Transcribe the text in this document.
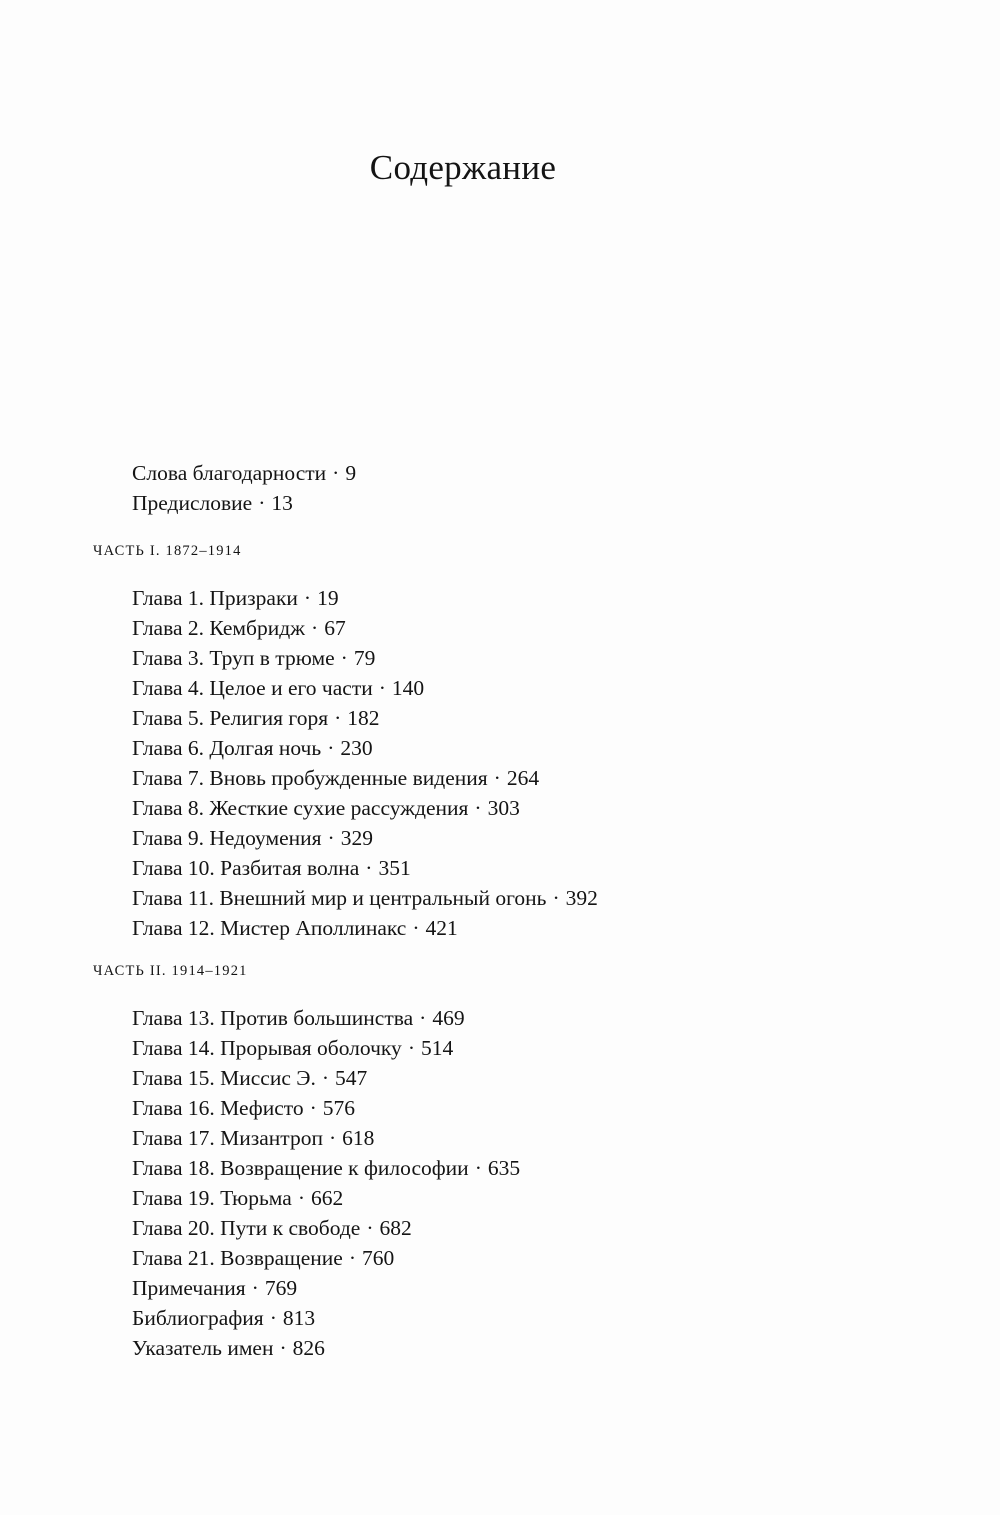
Содержание
Слова благодарности · 9
Предисловие · 13
ЧАСТЬ I. 1872–1914
Глава 1. Призраки · 19
Глава 2. Кембридж · 67
Глава 3. Труп в трюме · 79
Глава 4. Целое и его части · 140
Глава 5. Религия горя · 182
Глава 6. Долгая ночь · 230
Глава 7. Вновь пробужденные видения · 264
Глава 8. Жесткие сухие рассуждения · 303
Глава 9. Недоумения · 329
Глава 10. Разбитая волна · 351
Глава 11. Внешний мир и центральный огонь · 392
Глава 12. Мистер Аполлинакс · 421
ЧАСТЬ II. 1914–1921
Глава 13. Против большинства · 469
Глава 14. Прорывая оболочку · 514
Глава 15. Миссис Э. · 547
Глава 16. Мефисто · 576
Глава 17. Мизантроп · 618
Глава 18. Возвращение к философии · 635
Глава 19. Тюрьма · 662
Глава 20. Пути к свободе · 682
Глава 21. Возвращение · 760
Примечания · 769
Библиография · 813
Указатель имен · 826
